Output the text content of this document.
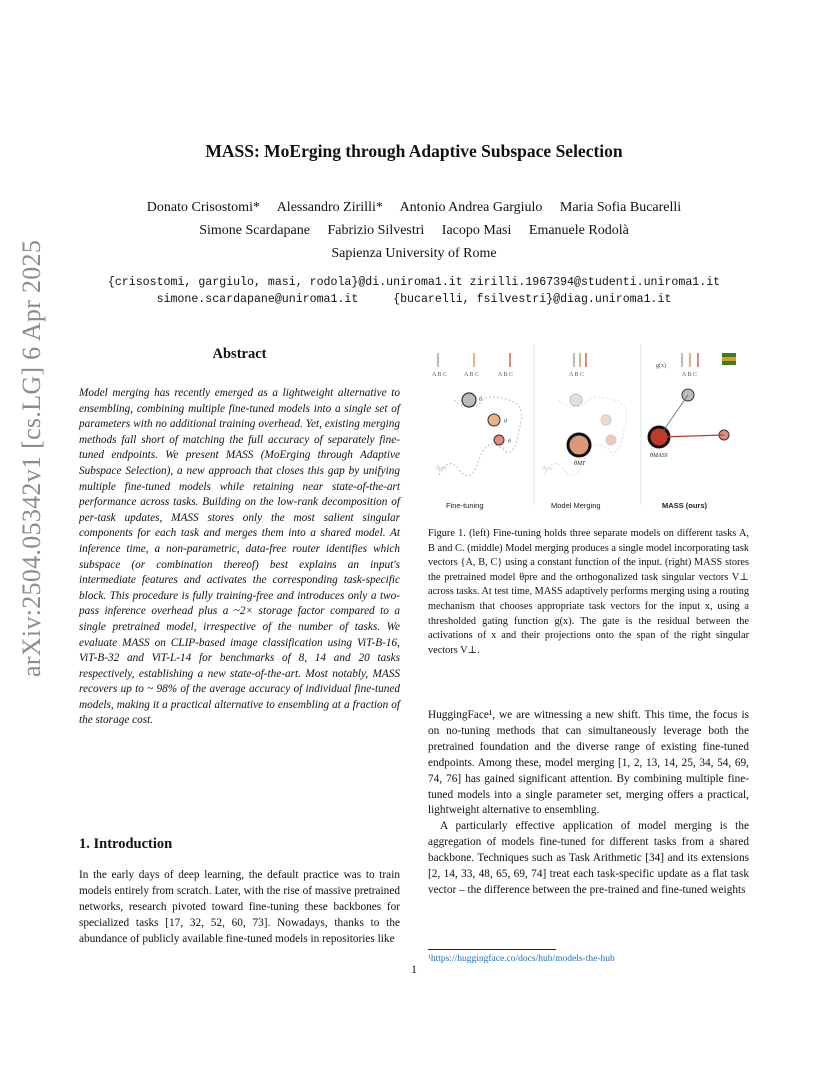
arXiv:2504.05342v1 [cs.LG] 6 Apr 2025
MASS: MoErging through Adaptive Subspace Selection
Donato Crisostomi*     Alessandro Zirilli*     Antonio Andrea Gargiulo     Maria Sofia Bucarelli
Simone Scardapane     Fabrizio Silvestri     Iacopo Masi     Emanuele Rodolà
Sapienza University of Rome
{crisostomi, gargiulo, masi, rodola}@di.uniroma1.it zirilli.1967394@studenti.uniroma1.it
simone.scardapane@uniroma1.it     {bucarelli, fsilvestri}@diag.uniroma1.it
Abstract
Model merging has recently emerged as a lightweight alternative to ensembling, combining multiple fine-tuned models into a single set of parameters with no additional training overhead. Yet, existing merging methods fall short of matching the full accuracy of separately fine-tuned endpoints. We present MASS (MoErging through Adaptive Subspace Selection), a new approach that closes this gap by unifying multiple fine-tuned models while retaining near state-of-the-art performance across tasks. Building on the low-rank decomposition of per-task updates, MASS stores only the most salient singular components for each task and merges them into a shared model. At inference time, a non-parametric, data-free router identifies which subspace (or combination thereof) best explains an input's intermediate features and activates the corresponding task-specific block. This procedure is fully training-free and introduces only a two-pass inference overhead plus a ~2× storage factor compared to a single pretrained model, irrespective of the number of tasks. We evaluate MASS on CLIP-based image classification using ViT-B-16, ViT-B-32 and ViT-L-14 for benchmarks of 8, 14 and 20 tasks respectively, establishing a new state-of-the-art. Most notably, MASS recovers up to ~ 98% of the average accuracy of individual fine-tuned models, making it a practical alternative to ensembling at a fraction of the storage cost.
1. Introduction
In the early days of deep learning, the default practice was to train models entirely from scratch. Later, with the rise of massive pretrained networks, research pivoted toward fine-tuning these backbones for specialized tasks [17, 32, 52, 60, 73]. Nowadays, thanks to the abundance of publicly available fine-tuned models in repositories like
A B C	A B C	A B C
θ
θ
θ
θpre
A B C
θMT
θpre
g(x)
A B C
θMASS
Fine-tuning	Model Merging	MASS (ours)
Figure 1. (left) Fine-tuning holds three separate models on different tasks A, B and C. (middle) Model merging produces a single model incorporating task vectors {A, B, C} using a constant function of the input. (right) MASS stores the pretrained model θpre and the orthogonalized task singular vectors V⊥ across tasks. At test time, MASS adaptively performs merging using a routing mechanism that chooses appropriate task vectors for the input x, using a thresholded gating function g(x). The gate is the residual between the activations of x and their projections onto the span of the right singular vectors V⊥.

HuggingFace¹, we are witnessing a new shift. This time, the focus is on no-tuning methods that can simultaneously leverage both the pretrained foundation and the diverse range of existing fine-tuned endpoints. Among these, model merging [1, 2, 13, 14, 25, 34, 54, 69, 74, 76] has gained significant attention. By combining multiple fine-tuned models into a single parameter set, merging offers a practical, lightweight alternative to ensembling.

A particularly effective application of model merging is the aggregation of models fine-tuned for different tasks from a shared backbone. Techniques such as Task Arithmetic [34] and its extensions [2, 14, 33, 48, 65, 69, 74] treat each task-specific update as a flat task vector – the difference between the pre-trained and fine-tuned weights

¹https://huggingface.co/docs/hub/models-the-hub
1
